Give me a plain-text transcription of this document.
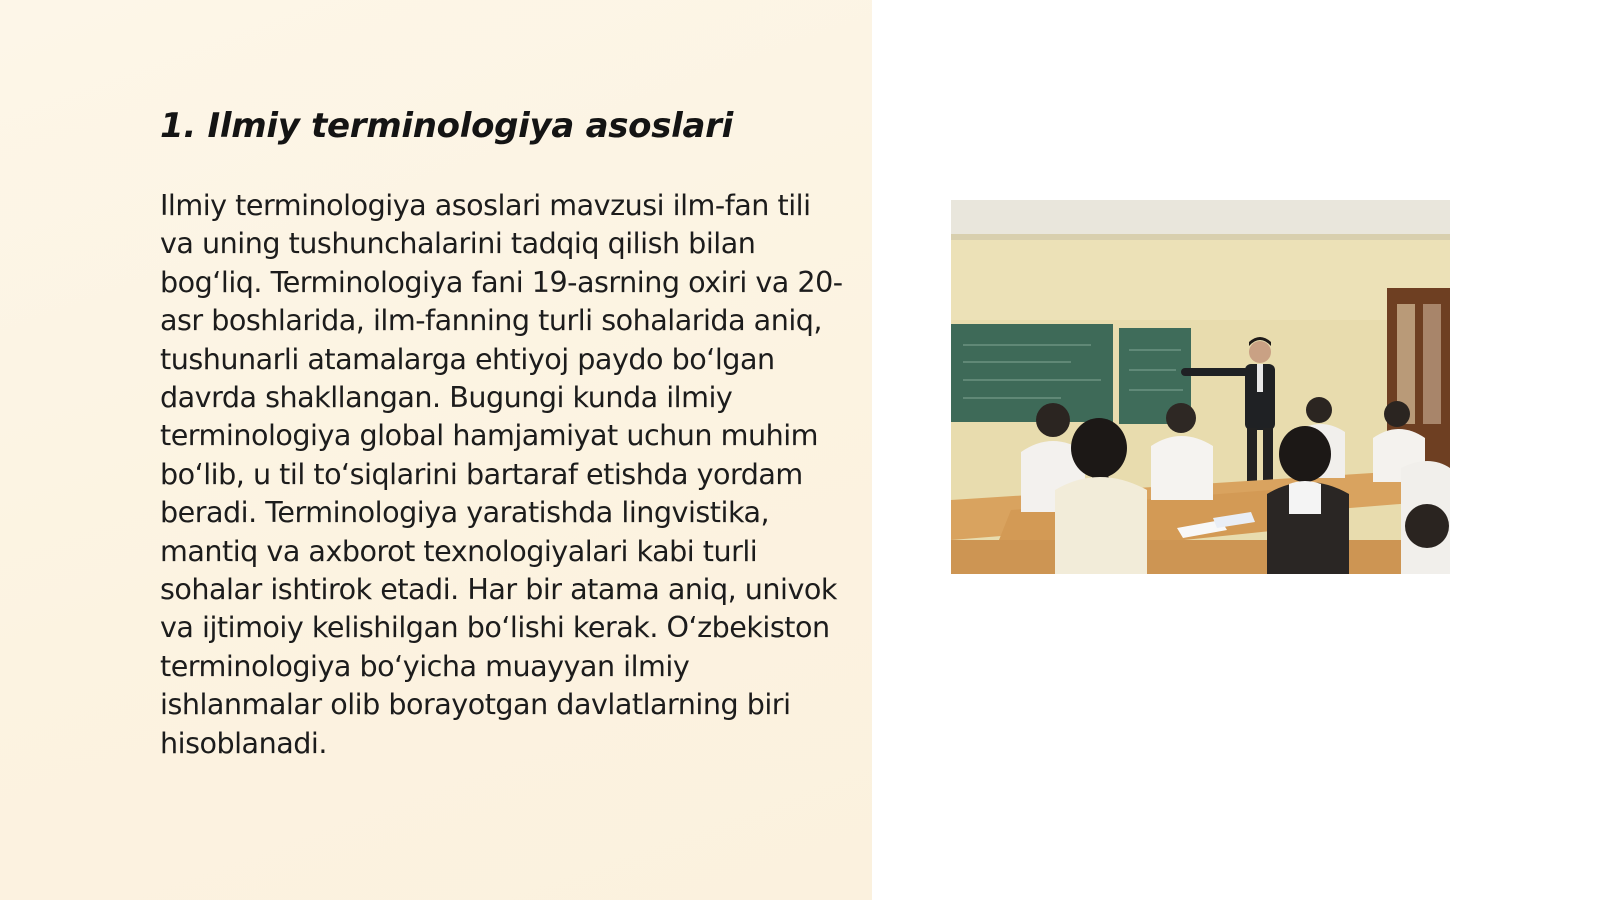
1. Ilmiy terminologiya asoslari

Ilmiy terminologiya asoslari mavzusi ilm-fan tili va uning tushunchalarini tadqiq qilish bilan bog‘liq. Terminologiya fani 19-asrning oxiri va 20-asr boshlarida, ilm-fanning turli sohalarida aniq, tushunarli atamalarga ehtiyoj paydo bo‘lgan davrda shakllangan. Bugungi kunda ilmiy terminologiya global hamjamiyat uchun muhim bo‘lib, u til to‘siqlarini bartaraf etishda yordam beradi. Terminologiya yaratishda lingvistika, mantiq va axborot texnologiyalari kabi turli sohalar ishtirok etadi. Har bir atama aniq, univok va ijtimoiy kelishilgan bo‘lishi kerak. O‘zbekiston terminologiya bo‘yicha muayyan ilmiy ishlanmalar olib borayotgan davlatlarning biri hisoblanadi.
